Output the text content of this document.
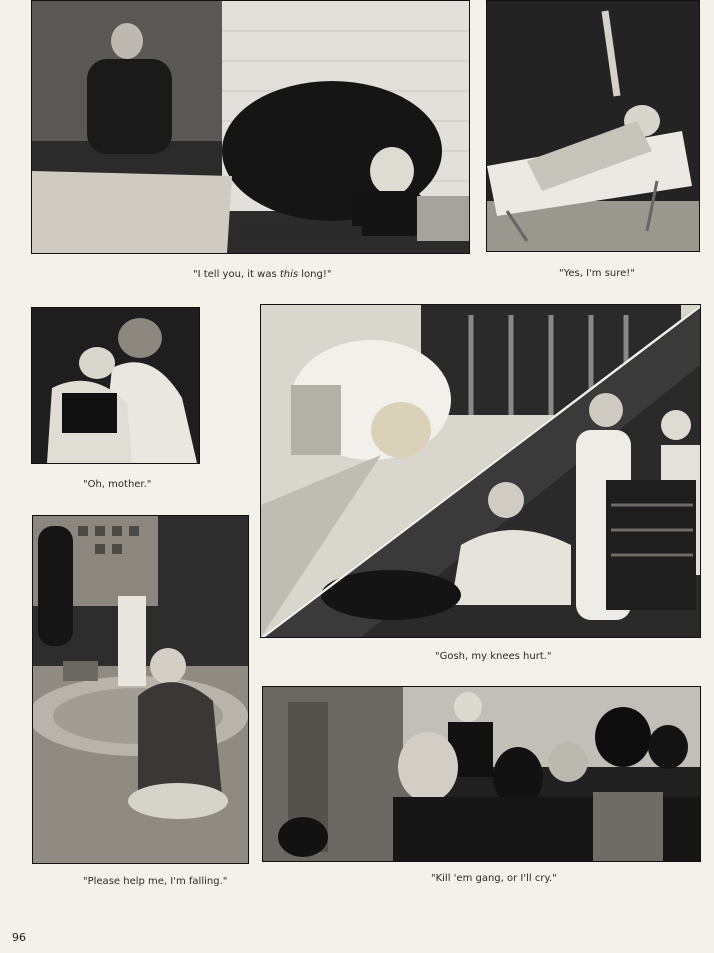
"I tell you, it was this long!"	"Yes, I'm sure!"
"Oh, mother."
"Gosh, my knees hurt."
"Please help me, I'm falling."	"Kill 'em gang, or I'll cry."
96
